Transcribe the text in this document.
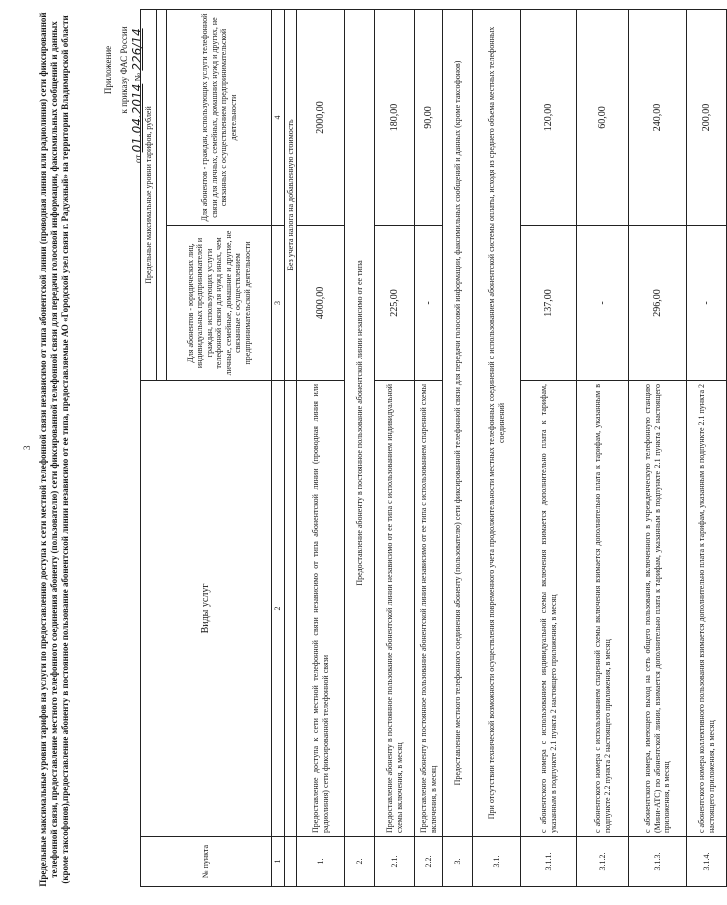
3
Приложение к приказу ФАС России
от 01.04.2014 № 226/14
Предельные максимальные уровни тарифов на услуги по предоставлению доступа к сети местной телефонной связи независимо от типа абонентской линии (проводная линия или радиолиния) сети фиксированной телефонной связи, предоставление местного телефонного соединения абоненту (пользователю) сети фиксированной телефонной связи для передачи голосовой информации, факсимильных сообщений и данных (кроме таксофонов),предоставление абоненту в постоянное пользование абонентской линии независимо от ее типа, предоставляемые АО «Городской узел связи г. Радужный» на территории Владимирской области	№ пункта	Виды услуг	Предельные максимальные уровни тарифов, рублей	

		Для абонентов - юридических лиц, индивидуальных предпринимателей и граждан, использующих услуги телефонной связи для нужд иных, чем личные, семейные, домашние и другие, не связанные с осуществлением предпринимательской деятельности	Для абонентов - граждан, использующих услуги телефонной связи для личных, семейных, домашних нужд и других, не связанных с осуществлением предпринимательской деятельности
1	2	3	4
		Без учета налога на добавленную стоимость	
1.	Предоставление доступа к сети местной телефонной связи независимо от типа абонентской линии (проводная линия или радиолиния) сети фиксированной телефонной связи	4000,00	2000,00
2.	Предоставление абоненту в постоянное пользование абонентской линии независимо от ее типа		
2.1.	Предоставление абоненту в постоянное пользование абонентской линии независимо от ее типа с использованием индивидуальной схемы включения, в месяц	225,00	180,00
2.2.	Предоставление абоненту в постоянное пользование абонентской линии независимо от ее типа с использованием спаренной схемы включения, в месяц	-	90,00
3.	Предоставление местного телефонного соединения абоненту (пользователю) сети фиксированной телефонной связи для передачи голосовой информации, факсимильных сообщений и данных (кроме таксофонов)		
3.1.	При отсутствии технической возможности осуществления повременного учета продолжительности местных телефонных соединений с использованием абонентской системы оплаты, исходя из среднего объема местных телефонных соединений		
3.1.1.	с абонентского номера с использованием индивидуальной схемы включения взимается дополнительно плата к тарифам, указанным в подпункте 2.1 пункта 2 настоящего приложения, в месяц	137,00	120,00
3.1.2.	с абонентского номера с использованием спаренной схемы включения взимается дополнительно плата к тарифам, указанным в подпункте 2.2 пункта 2 настоящего приложения, в месяц	-	60,00
3.1.3.	с абонентского номера, имеющего выход на сеть общего пользования, включенного в учрежденческую телефонную станцию (Мини-АТС) по абонентской линии, взимается дополнительно плата к тарифам, указанным в подпункте 2.1 пункта 2 настоящего приложения, в месяц	296,00	240,00
3.1.4.	с абонентского номера коллективного пользования взимается дополнительно плата к тарифам, указанным в подпункте 2.1 пункта 2 настоящего приложения, в месяц	-	200,00
